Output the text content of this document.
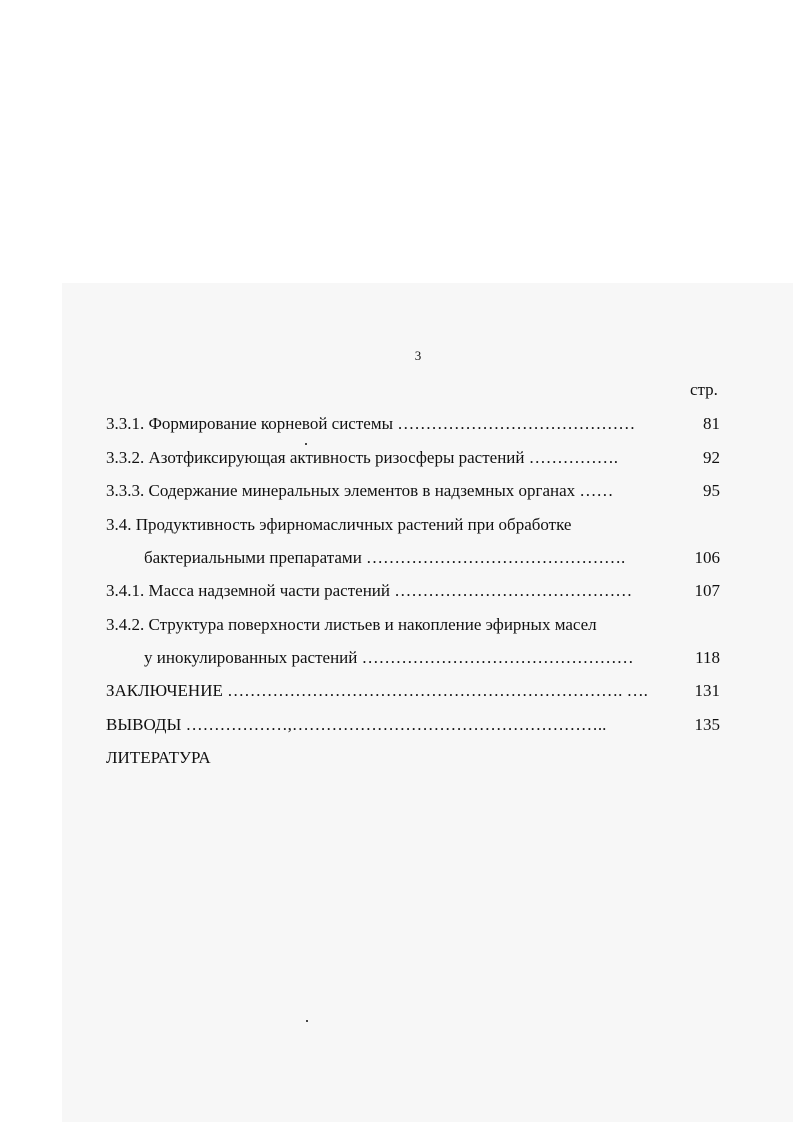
3
стр.
3.3.1. Формирование корневой системы ……………………………………	81
3.3.2. Азотфиксирующая активность ризосферы растений …………….	92
3.3.3. Содержание минеральных элементов в надземных органах ……	95
3.4. Продуктивность эфирномасличных растений при обработке
бактериальными препаратами ……………………………………….	106
3.4.1. Масса надземной части растений ……………………………………	107
3.4.2. Структура поверхности листьев и накопление эфирных масел
у инокулированных растений …………………………………………	118
ЗАКЛЮЧЕНИЕ ……………………………………………………………. ….	131
ВЫВОДЫ ………………,………………………………………………..	135
ЛИТЕРАТУРА
